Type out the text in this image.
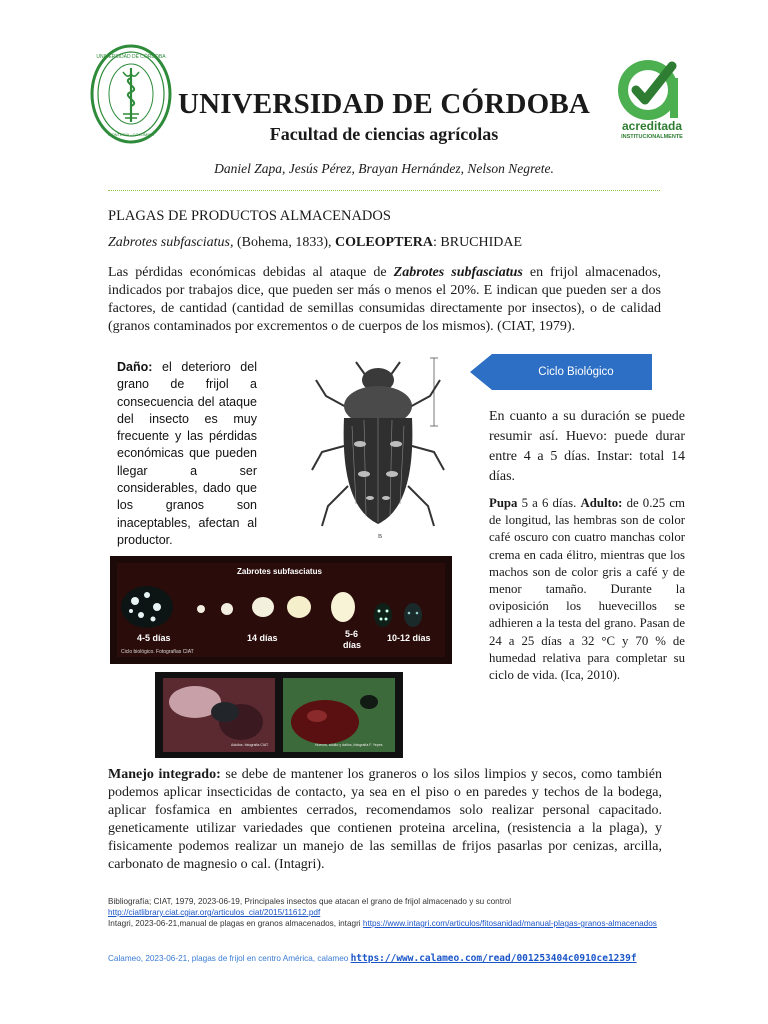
UNIVERSIDAD DE CÓRDOBA
MONTERÍA - COLOMBIA
acreditada
INSTITUCIONALMENTE
UNIVERSIDAD DE CÓRDOBA
Facultad de ciencias agrícolas
Daniel Zapa, Jesús Pérez, Brayan Hernández, Nelson Negrete.
PLAGAS DE PRODUCTOS ALMACENADOS
Zabrotes subfasciatus, (Bohema, 1833), COLEOPTERA: BRUCHIDAE
Las pérdidas económicas debidas al ataque de Zabrotes subfasciatus en frijol almacenados, indicados por trabajos dice, que pueden ser más o menos el 20%. E indican que pueden ser a dos factores, de cantidad (cantidad de semillas consumidas directamente por insectos), o de calidad (granos contaminados por excrementos o de cuerpos de los mismos). (CIAT, 1979).
Daño: el deterioro del grano de frijol a consecuencia del ataque del insecto es muy frecuente y las pérdidas económicas que pueden llegar a ser considerables, dado que los granos son inaceptables, afectan al productor.	B
Ciclo Biológico
En cuanto a su duración se puede resumir así. Huevo: puede durar entre 4 a 5 días. Instar: total 14 días.
Pupa 5 a 6 días. Adulto: de 0.25 cm de longitud, las hembras son de color café oscuro con cuatro manchas color crema en cada élitro, mientras que los machos son de color gris a café y de menor tamaño. Durante la oviposición los huevecillos se adhieren a la testa del grano. Pasan de 24 a 25 días a 32 °C y 70 % de humedad relativa para completar su ciclo de vida. (Ica, 2010).
Zabrotes subfasciatus
4-5 días	14 días	5-6
días
10-12 días
Ciclo biológico. Fotografías CIAT
Adultos. fotografía CIAT	Huevos, adulto y daños, fotografía F. Yepes
Manejo integrado: se debe de mantener los graneros o los silos limpios y secos, como también podemos aplicar insecticidas de contacto, ya sea en el piso o en paredes y techos de la bodega, aplicar fosfamica en ambientes cerrados, recomendamos solo realizar personal capacitado. geneticamente utilizar variedades que contienen proteina arcelina, (resistencia a la plaga), y fisicamente podemos realizar un manejo de las semillas de frijos pasarlas por cenizas, arcilla, carbonato de magnesio o cal. (Intagri).
Bibliografía; CIAT, 1979, 2023-06-19, Principales insectos que atacan el grano de frijol almacenado y su control
http://ciatlibrary.ciat.cgiar.org/articulos_ciat/2015/11612.pdf
Intagri, 2023-06-21,manual de plagas en granos almacenados, intagri https://www.intagri.com/articulos/fitosanidad/manual-plagas-granos-almacenados
Calameo, 2023-06-21, plagas de frijol en centro América, calameo https://www.calameo.com/read/001253404c0910ce1239f
